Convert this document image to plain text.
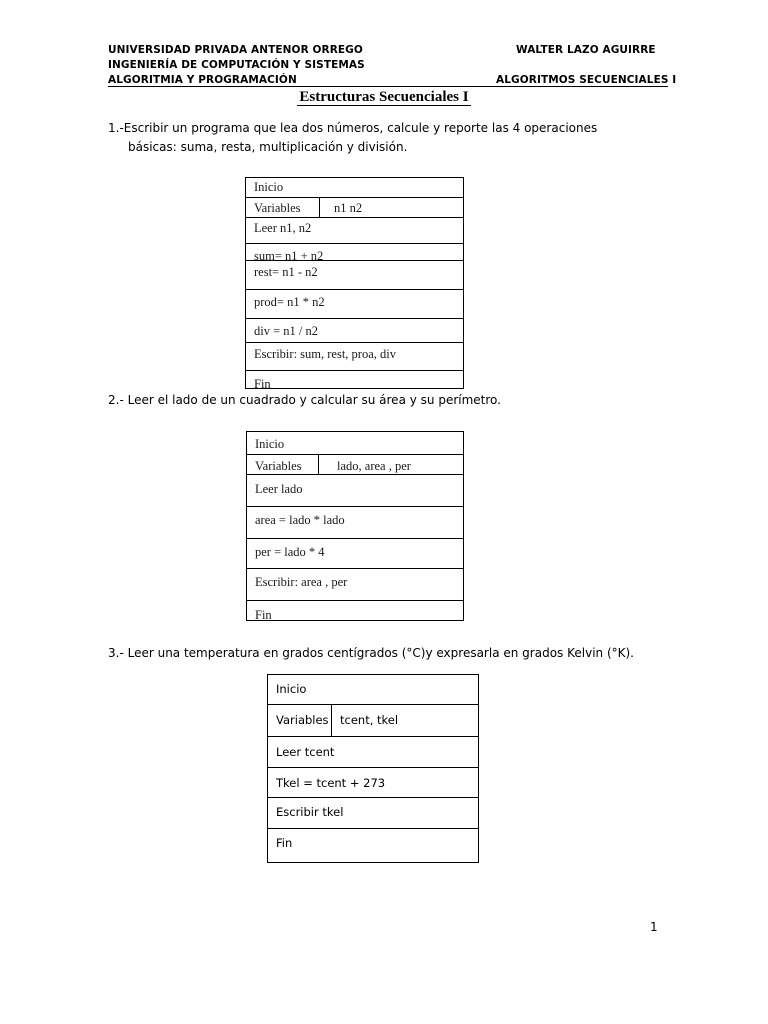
UNIVERSIDAD PRIVADA ANTENOR ORREGO	WALTER LAZO AGUIRRE
INGENIERÍA DE COMPUTACIÓN Y SISTEMAS
ALGORITMIA Y PROGRAMACIÓN	ALGORITMOS SECUENCIALES I
Estructuras Secuenciales I
1.-Escribir un programa que lea dos números, calcule y reporte las 4 operaciones
básicas: suma, resta, multiplicación y división.
Inicio
Variables	n1 n2
Leer n1, n2
sum= n1 + n2
rest= n1 - n2
prod= n1 * n2
div = n1 / n2
Escribir: sum, rest, proa, div
Fin
2.- Leer el lado de un cuadrado y calcular su área y su perímetro.
Inicio
Variables	lado, area , per
Leer lado
area = lado * lado
per = lado * 4
Escribir: area , per
Fin
3.- Leer una temperatura en grados centígrados (°C)y expresarla en grados Kelvin (°K).
Inicio
Variables tcent, tkel
Leer tcent
Tkel = tcent + 273
Escribir tkel
Fin
1
